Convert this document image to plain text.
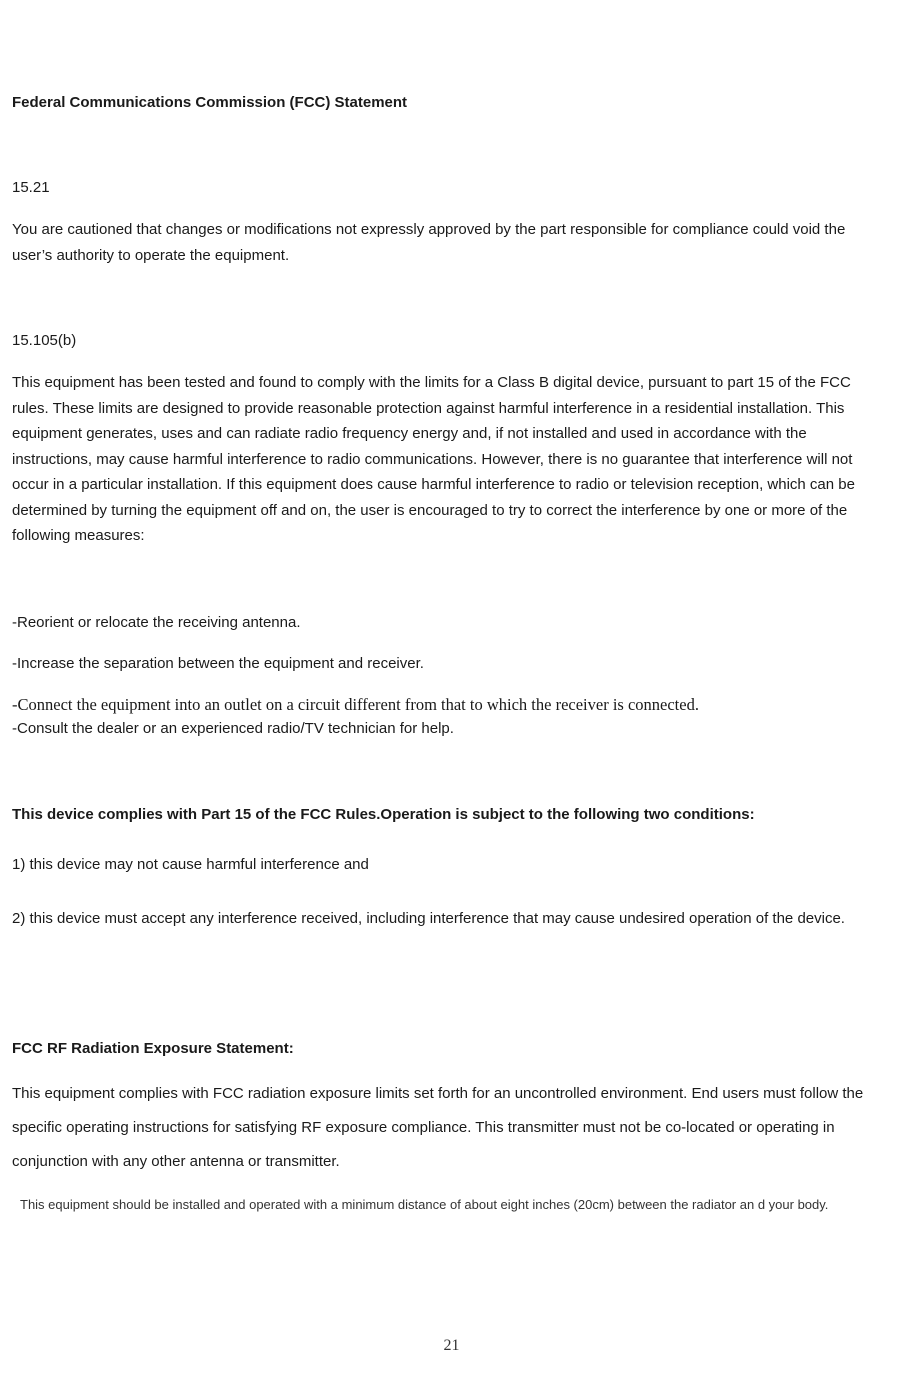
Federal Communications Commission (FCC) Statement
15.21
You are cautioned that changes or modifications not expressly approved by the part responsible for compliance could void the user’s authority to operate the equipment.
15.105(b)
This equipment has been tested and found to comply with the limits for a Class B digital device, pursuant to part 15 of the FCC rules. These limits are designed to provide reasonable protection against harmful interference in a residential installation. This equipment generates, uses and can radiate radio frequency energy and, if not installed and used in accordance with the instructions, may cause harmful interference to radio communications. However, there is no guarantee that interference will not occur in a particular installation. If this equipment does cause harmful interference to radio or television reception, which can be determined by turning the equipment off and on, the user is encouraged to try to correct the interference by one or more of the following measures:
-Reorient or relocate the receiving antenna.
-Increase the separation between the equipment and receiver.
-Connect the equipment into an outlet on a circuit different from that to which the receiver is connected.
-Consult the dealer or an experienced radio/TV technician for help.
This device complies with Part 15 of the FCC Rules.Operation is subject to the following two conditions:
1) this device may not cause harmful interference and
2) this device must accept any interference received, including interference that may cause undesired operation of the device.
FCC RF Radiation Exposure Statement:
This equipment complies with FCC radiation exposure limits set forth for an uncontrolled environment. End users must follow the specific operating instructions for satisfying RF exposure compliance. This transmitter must not be co-located or operating in conjunction with any other antenna or transmitter.
This equipment should be installed and operated with a minimum distance of about eight inches (20cm) between the radiator an d your body.
21
